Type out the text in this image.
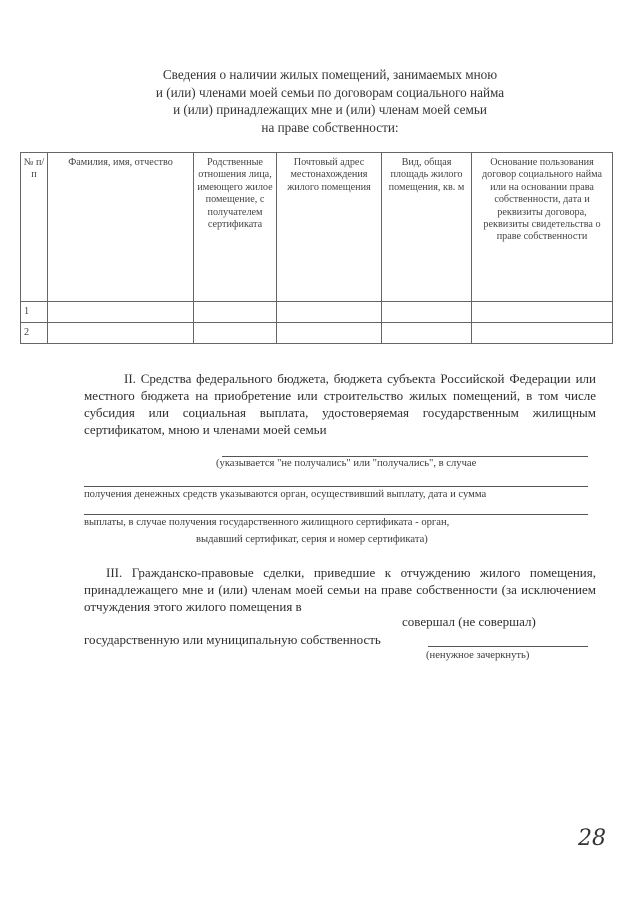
Сведения о наличии жилых помещений, занимаемых мною
и (или) членами моей семьи по договорам социального найма
и (или) принадлежащих мне и (или) членам моей семьи
на праве собственности:
№ п/п	Фамилия, имя, отчество	Родственные отношения лица, имеющего жилое помещение, с получателем сертификата	Почтовый адрес местонахождения жилого помещения	Вид, общая площадь жилого помещения, кв. м	Основание пользования договор социального найма или на основании права собственности, дата и реквизиты договора, реквизиты свидетельства о праве собственности
1					
2					
II. Средства федерального бюджета, бюджета субъекта Российской Федерации или местного бюджета на приобретение или строительство жилых помещений, в том числе субсидия или социальная выплата, удостоверяемая государственным жилищным сертификатом, мною и членами моей семьи
(указывается "не получались" или "получались", в случае
получения денежных средств указываются орган, осуществивший выплату, дата и сумма
выплаты, в случае получения государственного жилищного сертификата - орган,
выдавший сертификат, серия и номер сертификата)
III. Гражданско-правовые сделки, приведшие к отчуждению жилого помещения, принадлежащего мне и (или) членам моей семьи на праве собственности (за исключением отчуждения этого жилого помещения в
совершал (не совершал)
государственную или муниципальную собственность
(ненужное зачеркнуть)
28
